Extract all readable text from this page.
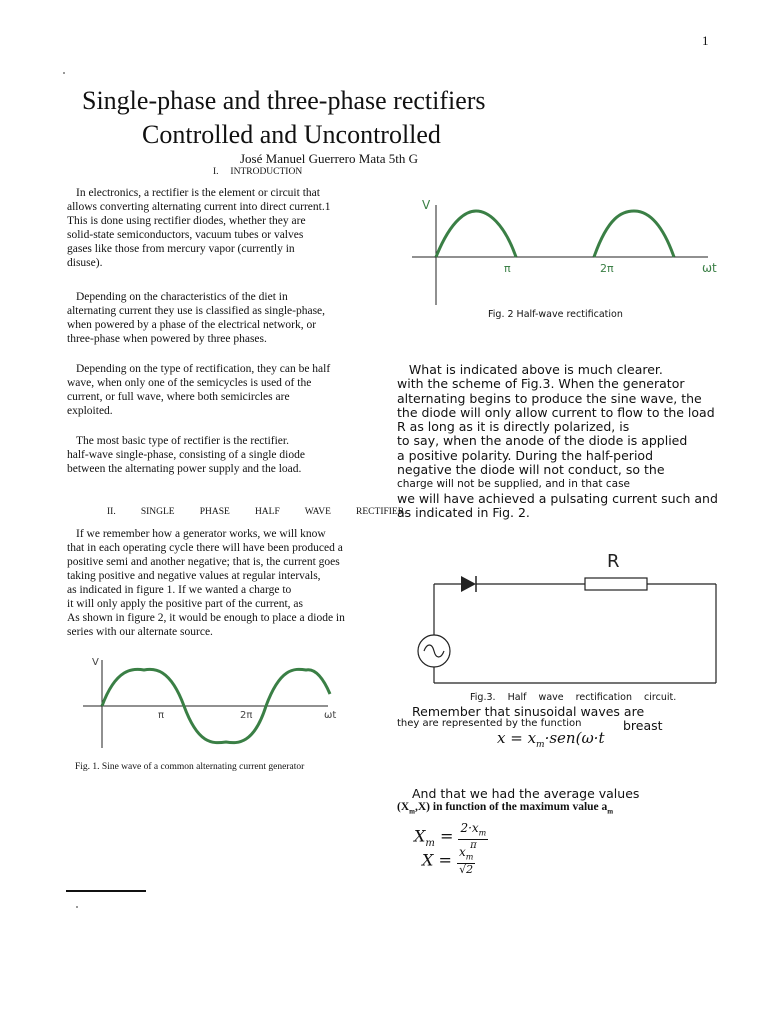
1
Single-phase and three-phase rectifiers
Controlled and Uncontrolled
José Manuel Guerrero Mata 5th G
I.     INTRODUCTION
In electronics, a rectifier is the element or circuit that
allows converting alternating current into direct current.1
This is done using rectifier diodes, whether they are
solid-state semiconductors, vacuum tubes or valves
gases like those from mercury vapor (currently in
disuse).
Depending on the characteristics of the diet in
alternating current they use is classified as single-phase,
when powered by a phase of the electrical network, or
three-phase when powered by three phases.
Depending on the type of rectification, they can be half
wave, when only one of the semicycles is used of the
current, or full wave, where both semicircles are
exploited.
The most basic type of rectifier is the rectifier.
half-wave single-phase, consisting of a single diode
between the alternating power supply and the load.
II.   SINGLE   PHASE   HALF   WAVE   RECTIFIER.
If we remember how a generator works, we will know
that in each operating cycle there will have been produced a
positive semi and another negative; that is, the current goes
taking positive and negative values at regular intervals,
as indicated in figure 1. If we wanted a charge to
it will only apply the positive part of the current, as
As shown in figure 2, it would be enough to place a diode in
series with our alternate source.
V
π	2π	ωt
Fig. 1. Sine wave of a common alternating current generator
V
π	2π	ωt
Fig. 2 Half-wave rectification
What is indicated above is much clearer.
with the scheme of Fig.3. When the generator
alternating begins to produce the sine wave, the
the diode will only allow current to flow to the load
R as long as it is directly polarized, is
to say, when the anode of the diode is applied
a positive polarity. During the half-period
negative the diode will not conduct, so the
charge will not be supplied, and in that case
we will have achieved a pulsating current such and
as indicated in Fig. 2.
R
Fig.3.  Half  wave  rectification  circuit.
Remember that sinusoidal waves are
they are represented by the function	breast
$x = x_m\cdot sen(\omega\cdot t$
And that we had the average values
$(X_m,X)$ in function of the maximum value $a_m$
$X_m = 2\cdot x_m$
π
$X = \frac{x_m}{√2}$
